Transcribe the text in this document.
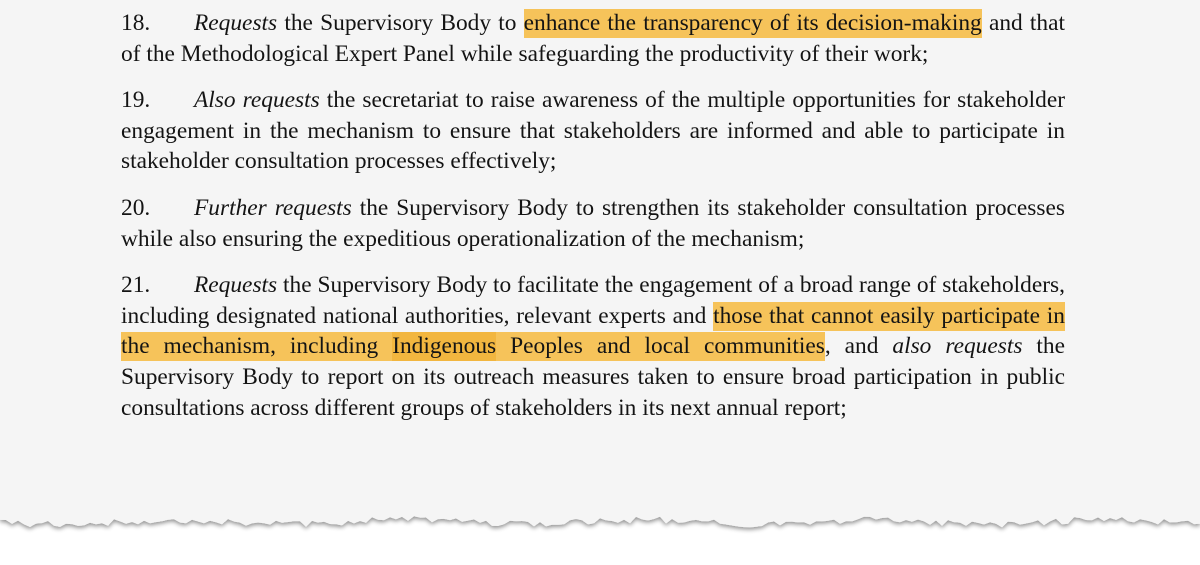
18. Requests the Supervisory Body to enhance the transparency of its decision-making and that of the Methodological Expert Panel while safeguarding the productivity of their work;

19. Also requests the secretariat to raise awareness of the multiple opportunities for stakeholder engagement in the mechanism to ensure that stakeholders are informed and able to participate in stakeholder consultation processes effectively;

20. Further requests the Supervisory Body to strengthen its stakeholder consultation processes while also ensuring the expeditious operationalization of the mechanism;

21. Requests the Supervisory Body to facilitate the engagement of a broad range of stakeholders, including designated national authorities, relevant experts and those that cannot easily participate in the mechanism, including Indigenous Peoples and local communities, and also requests the Supervisory Body to report on its outreach measures taken to ensure broad participation in public consultations across different groups of stakeholders in its next annual report;
